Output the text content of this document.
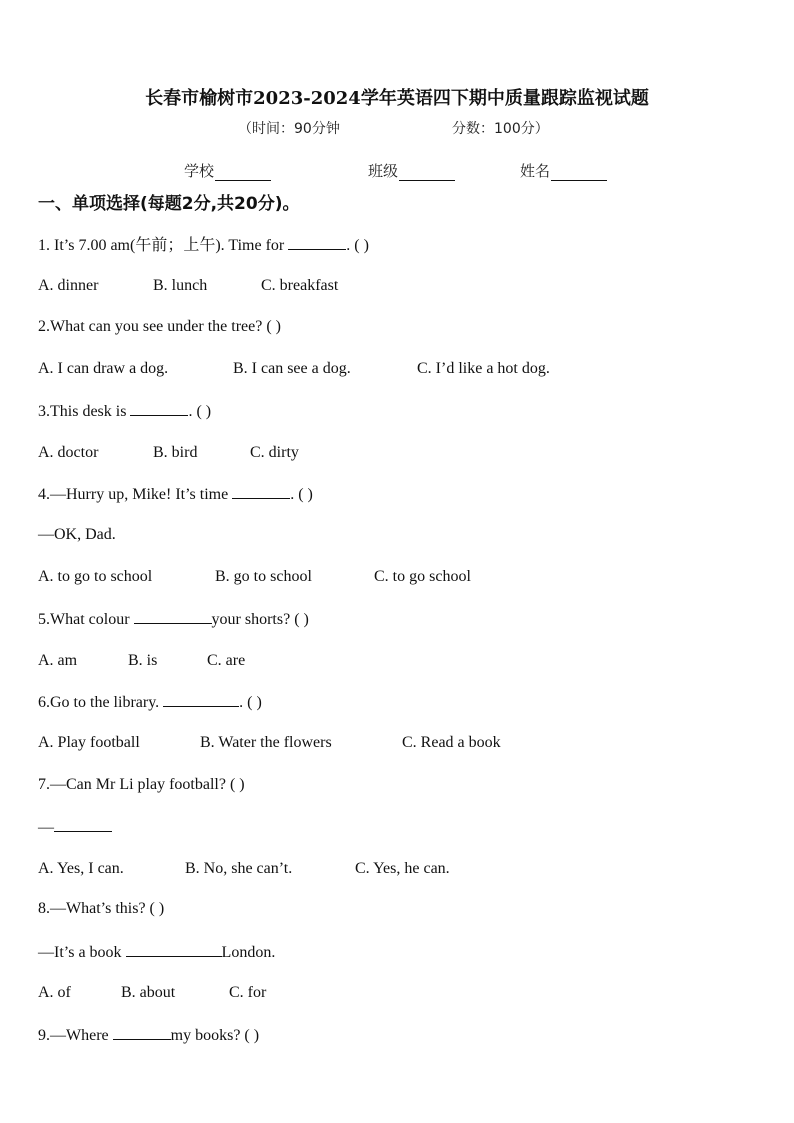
长春市榆树市2023-2024学年英语四下期中质量跟踪监视试题
（时间：90分钟	分数：100分）
学校	班级	姓名
一、单项选择(每题2分,共20分)。
1. It’s 7.00 am(午前；上午). Time for	. ( )
A. dinner	B. lunch	C. breakfast
2.What can you see under the tree? ( )
A. I can draw a dog.	B. I can see a dog.	C. I’d like a hot dog.
3.This desk is	. ( )
A. doctor	B. bird	C. dirty
4.—Hurry up, Mike! It’s time	. ( )
—OK, Dad.
A. to go to school	B. go to school	C. to go school
5.What colour	your shorts? ( )
A. am	B. is	C. are
6.Go to the library.	. ( )
A. Play football	B. Water the flowers	C. Read a book
7.—Can Mr Li play football? ( )
—
A. Yes, I can.	B. No, she can’t.	C. Yes, he can.
8.—What’s this? ( )
—It’s a book	London.
A. of	B. about	C. for
9.—Where	my books? ( )
